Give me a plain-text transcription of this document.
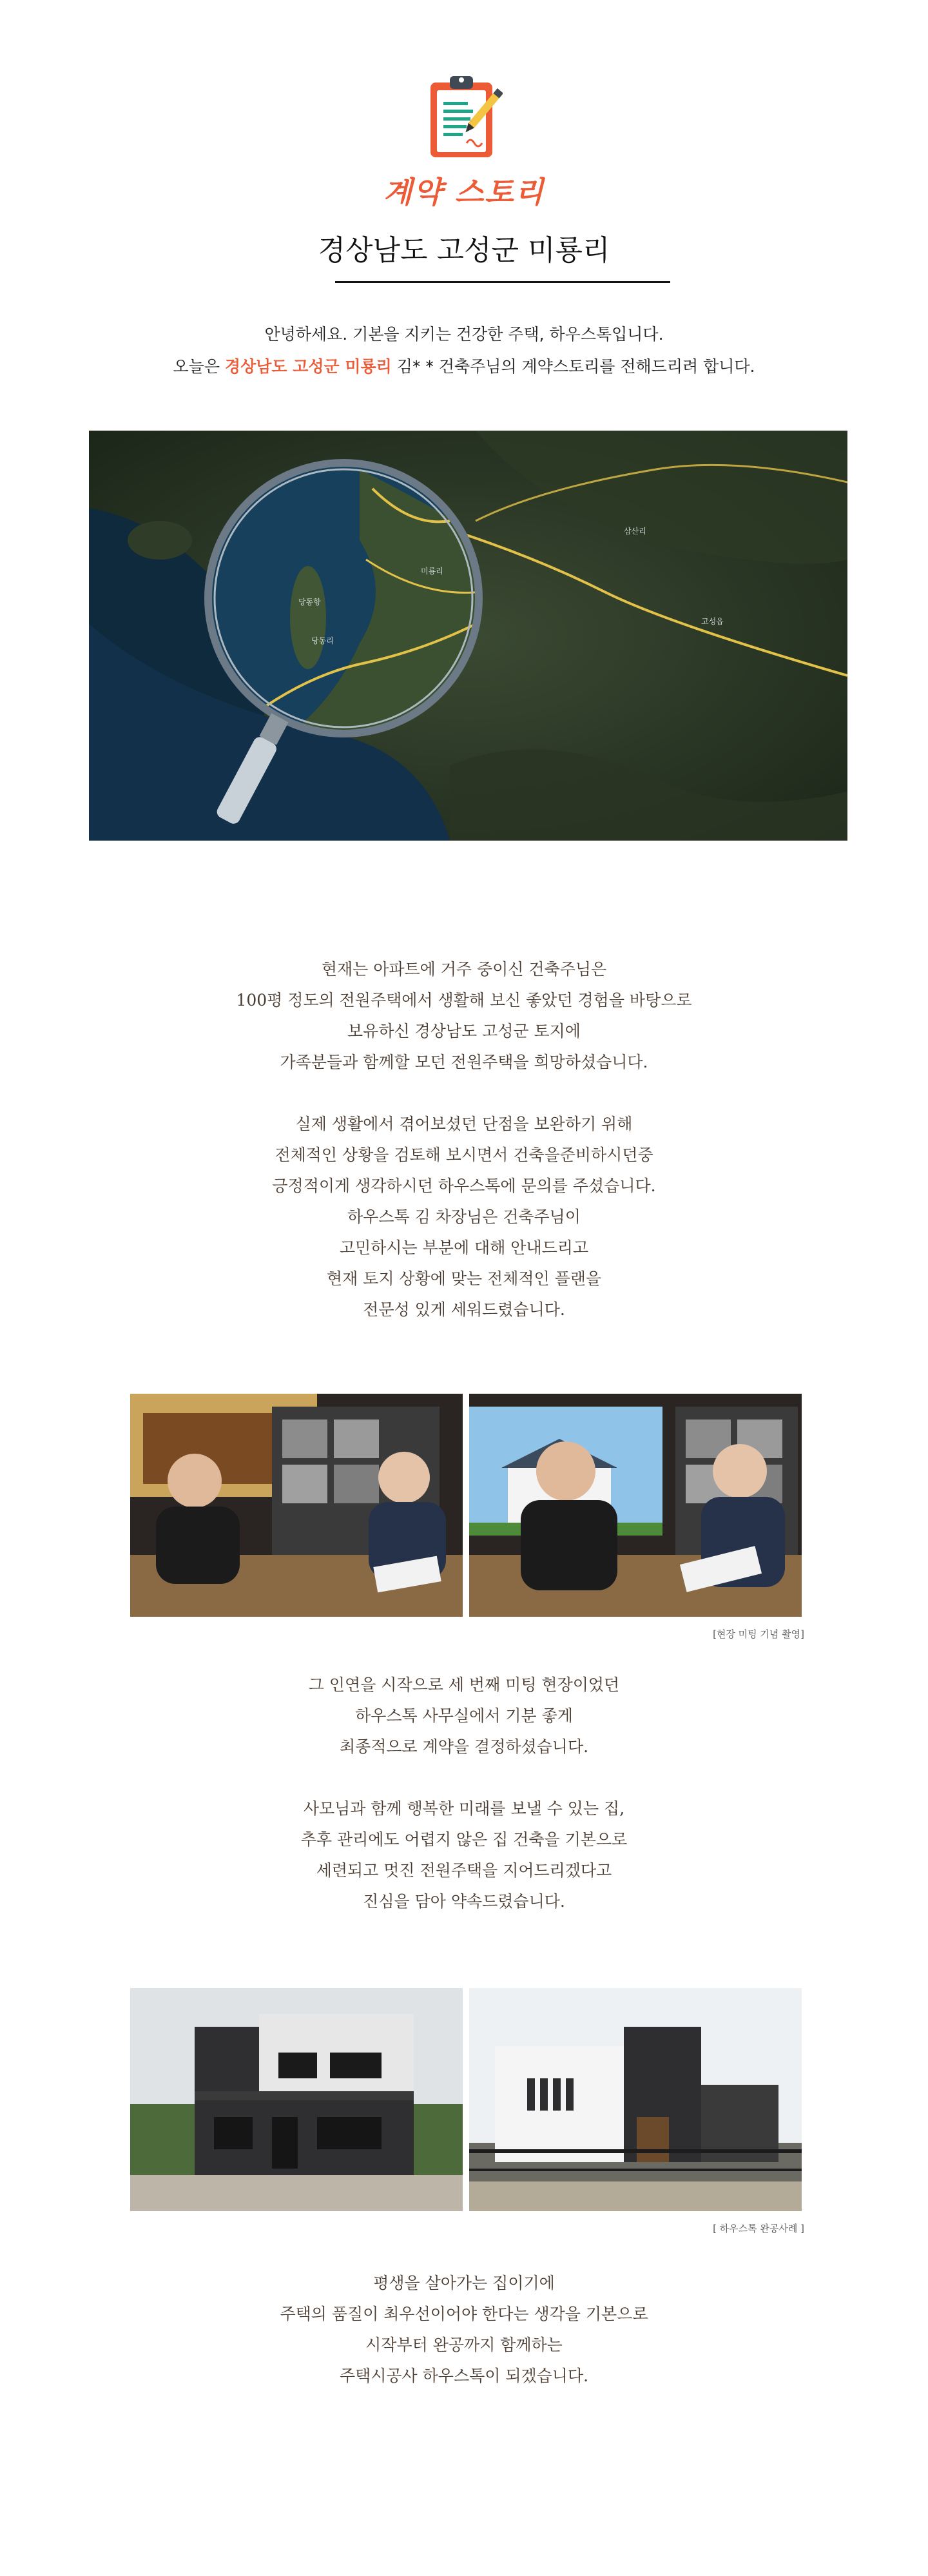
계약 스토리
경상남도 고성군 미룡리
안녕하세요. 기본을 지키는 건강한 주택, 하우스톡입니다.
오늘은 경상남도 고성군 미룡리 김* * 건축주님의 계약스토리를 전해드리려 합니다.
당동항
당동리
미룡리
삼산리
고성읍
현재는 아파트에 거주 중이신 건축주님은
100평 정도의 전원주택에서 생활해 보신 좋았던 경험을 바탕으로
보유하신 경상남도 고성군 토지에
가족분들과 함께할 모던 전원주택을 희망하셨습니다.
실제 생활에서 겪어보셨던 단점을 보완하기 위해
전체적인 상황을 검토해 보시면서 건축을준비하시던중
긍정적이게 생각하시던 하우스톡에 문의를 주셨습니다.
하우스톡 김 차장님은 건축주님이
고민하시는 부분에 대해 안내드리고
현재 토지 상황에 맞는 전체적인 플랜을
전문성 있게 세워드렸습니다.
[현장 미팅 기념 촬영]
그 인연을 시작으로 세 번째 미팅 현장이었던
하우스톡 사무실에서 기분 좋게
최종적으로 계약을 결정하셨습니다.
사모님과 함께 행복한 미래를 보낼 수 있는 집,
추후 관리에도 어렵지 않은 집 건축을 기본으로
세련되고 멋진 전원주택을 지어드리겠다고
진심을 담아 약속드렸습니다.
[ 하우스톡 완공사례 ]
평생을 살아가는 집이기에
주택의 품질이 최우선이어야 한다는 생각을 기본으로
시작부터 완공까지 함께하는
주택시공사 하우스톡이 되겠습니다.
